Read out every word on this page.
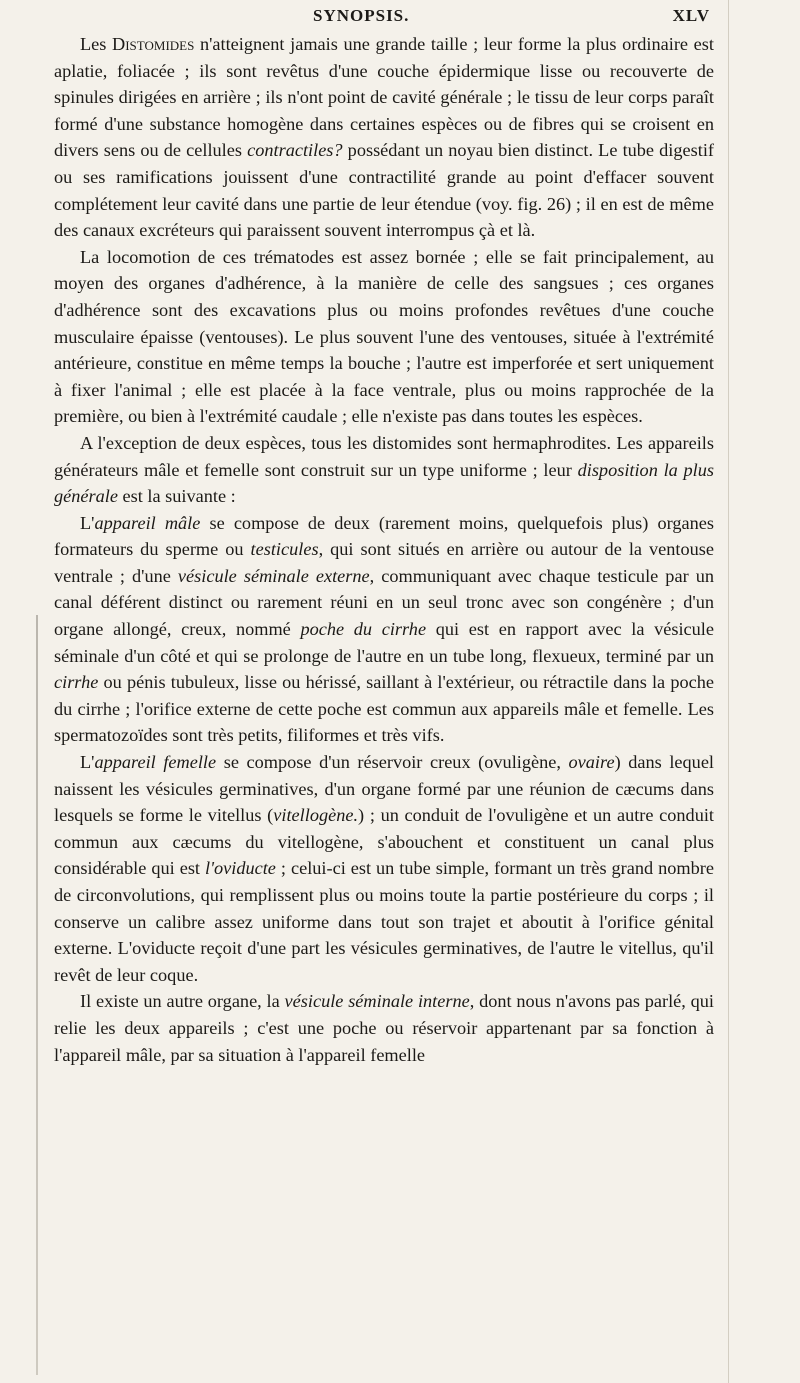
SYNOPSIS.	XLV

Les Distomides n'atteignent jamais une grande taille ; leur forme la plus ordinaire est aplatie, foliacée ; ils sont revêtus d'une couche épidermique lisse ou recouverte de spinules dirigées en arrière ; ils n'ont point de cavité générale ; le tissu de leur corps paraît formé d'une substance homogène dans certaines espèces ou de fibres qui se croisent en divers sens ou de cellules contractiles? possédant un noyau bien distinct. Le tube digestif ou ses ramifications jouissent d'une contractilité grande au point d'effacer souvent complétement leur cavité dans une partie de leur étendue (voy. fig. 26) ; il en est de même des canaux excréteurs qui paraissent souvent interrompus çà et là.

La locomotion de ces trématodes est assez bornée ; elle se fait principalement, au moyen des organes d'adhérence, à la manière de celle des sangsues ; ces organes d'adhérence sont des excavations plus ou moins profondes revêtues d'une couche musculaire épaisse (ventouses). Le plus souvent l'une des ventouses, située à l'extrémité antérieure, constitue en même temps la bouche ; l'autre est imperforée et sert uniquement à fixer l'animal ; elle est placée à la face ventrale, plus ou moins rapprochée de la première, ou bien à l'extrémité caudale ; elle n'existe pas dans toutes les espèces.

A l'exception de deux espèces, tous les distomides sont hermaphrodites. Les appareils générateurs mâle et femelle sont construit sur un type uniforme ; leur disposition la plus générale est la suivante :

L'appareil mâle se compose de deux (rarement moins, quelquefois plus) organes formateurs du sperme ou testicules, qui sont situés en arrière ou autour de la ventouse ventrale ; d'une vésicule séminale externe, communiquant avec chaque testicule par un canal déférent distinct ou rarement réuni en un seul tronc avec son congénère ; d'un organe allongé, creux, nommé poche du cirrhe qui est en rapport avec la vésicule séminale d'un côté et qui se prolonge de l'autre en un tube long, flexueux, terminé par un cirrhe ou pénis tubuleux, lisse ou hérissé, saillant à l'extérieur, ou rétractile dans la poche du cirrhe ; l'orifice externe de cette poche est commun aux appareils mâle et femelle. Les spermatozoïdes sont très petits, filiformes et très vifs.

L'appareil femelle se compose d'un réservoir creux (ovuligène, ovaire) dans lequel naissent les vésicules germinatives, d'un organe formé par une réunion de cæcums dans lesquels se forme le vitellus (vitellogène.) ; un conduit de l'ovuligène et un autre conduit commun aux cæcums du vitellogène, s'abouchent et constituent un canal plus considérable qui est l'oviducte ; celui-ci est un tube simple, formant un très grand nombre de circonvolutions, qui remplissent plus ou moins toute la partie postérieure du corps ; il conserve un calibre assez uniforme dans tout son trajet et aboutit à l'orifice génital externe. L'oviducte reçoit d'une part les vésicules germinatives, de l'autre le vitellus, qu'il revêt de leur coque.

Il existe un autre organe, la vésicule séminale interne, dont nous n'avons pas parlé, qui relie les deux appareils ; c'est une poche ou réservoir appartenant par sa fonction à l'appareil mâle, par sa situation à l'appareil femelle
